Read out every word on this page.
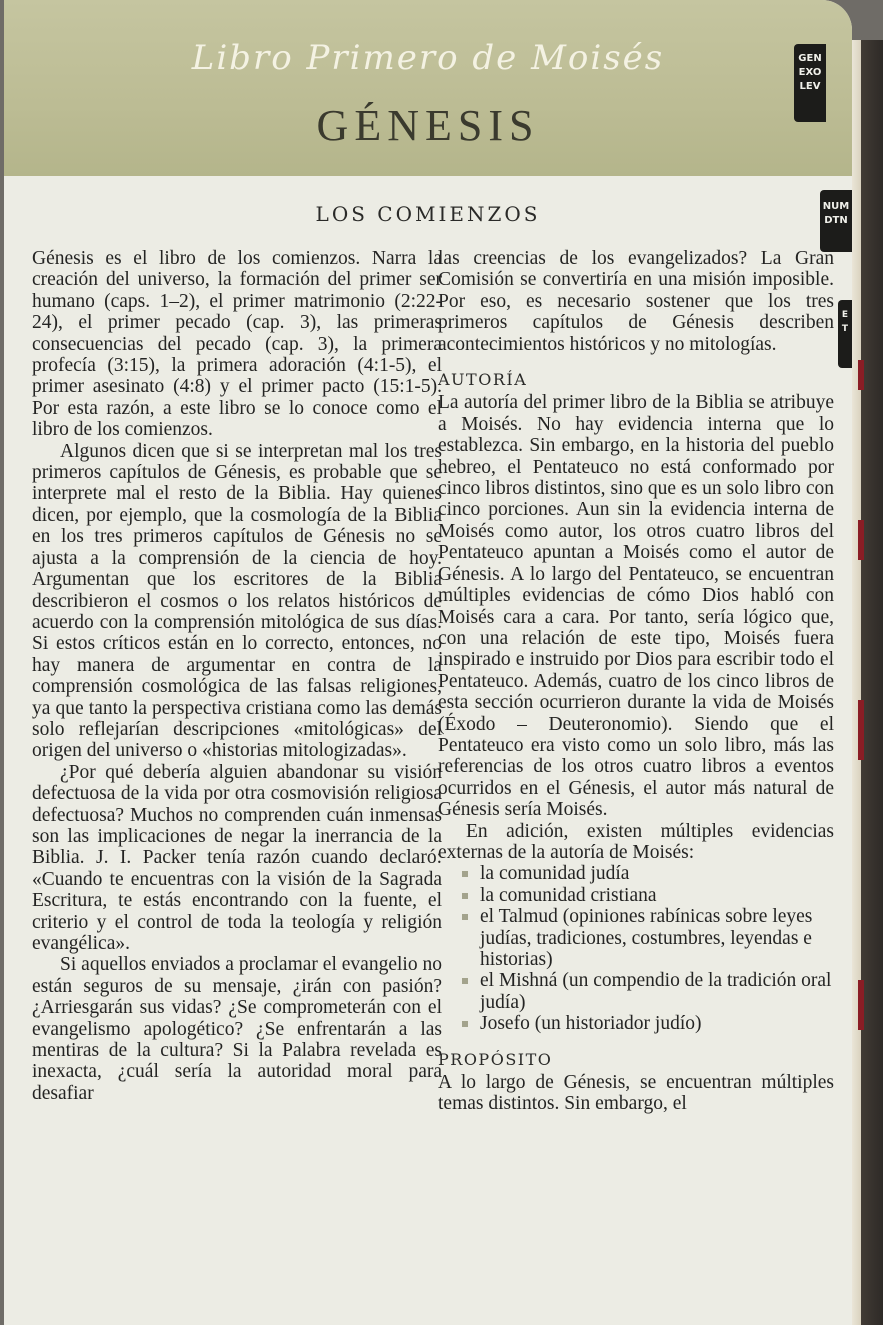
Libro Primero de Moisés
GÉNESIS
GEN
EXO
LEV
NUM
DTN
E
T
LOS COMIENZOS

Génesis es el libro de los comienzos. Narra la creación del universo, la formación del primer ser humano (caps. 1–2), el primer matrimonio (2:22-24), el primer pecado (cap. 3), las primeras consecuencias del pecado (cap. 3), la primera profecía (3:15), la primera adoración (4:1-5), el primer asesinato (4:8) y el primer pacto (15:1-5). Por esta razón, a este libro se lo conoce como el libro de los comienzos.

Algunos dicen que si se interpretan mal los tres primeros capítulos de Génesis, es probable que se interprete mal el resto de la Biblia. Hay quienes dicen, por ejemplo, que la cosmología de la Biblia en los tres primeros capítulos de Génesis no se ajusta a la comprensión de la ciencia de hoy. Argumentan que los escritores de la Biblia describieron el cosmos o los relatos históricos de acuerdo con la comprensión mitológica de sus días. Si estos críticos están en lo correcto, entonces, no hay manera de argumentar en contra de la comprensión cosmológica de las falsas religiones, ya que tanto la perspectiva cristiana como las demás solo reflejarían descripciones «mitológicas» del origen del universo o «historias mitologizadas».

¿Por qué debería alguien abandonar su visión defectuosa de la vida por otra cosmovisión religiosa defectuosa? Muchos no comprenden cuán inmensas son las implicaciones de negar la inerrancia de la Biblia. J. I. Packer tenía razón cuando declaró: «Cuando te encuentras con la visión de la Sagrada Escritura, te estás encontrando con la fuente, el criterio y el control de toda la teología y religión evangélica».

Si aquellos enviados a proclamar el evangelio no están seguros de su mensaje, ¿irán con pasión? ¿Arriesgarán sus vidas? ¿Se comprometerán con el evangelismo apologético? ¿Se enfrentarán a las mentiras de la cultura? Si la Palabra revelada es inexacta, ¿cuál sería la autoridad moral para desafiar

las creencias de los evangelizados? La Gran Comisión se convertiría en una misión imposible. Por eso, es necesario sostener que los tres primeros capítulos de Génesis describen acontecimientos históricos y no mitologías.

AUTORÍA

La autoría del primer libro de la Biblia se atribuye a Moisés. No hay evidencia interna que lo establezca. Sin embargo, en la historia del pueblo hebreo, el Pentateuco no está conformado por cinco libros distintos, sino que es un solo libro con cinco porciones. Aun sin la evidencia interna de Moisés como autor, los otros cuatro libros del Pentateuco apuntan a Moisés como el autor de Génesis. A lo largo del Pentateuco, se encuentran múltiples evidencias de cómo Dios habló con Moisés cara a cara. Por tanto, sería lógico que, con una relación de este tipo, Moisés fuera inspirado e instruido por Dios para escribir todo el Pentateuco. Además, cuatro de los cinco libros de esta sección ocurrieron durante la vida de Moisés (Éxodo – Deuteronomio). Siendo que el Pentateuco era visto como un solo libro, más las referencias de los otros cuatro libros a eventos ocurridos en el Génesis, el autor más natural de Génesis sería Moisés.

En adición, existen múltiples evidencias externas de la autoría de Moisés:

la comunidad judía
la comunidad cristiana
el Talmud (opiniones rabínicas sobre leyes judías, tradiciones, costumbres, leyendas e historias)
el Mishná (un compendio de la tradición oral judía)
Josefo (un historiador judío)
PROPÓSITO

A lo largo de Génesis, se encuentran múltiples temas distintos. Sin embargo, el
